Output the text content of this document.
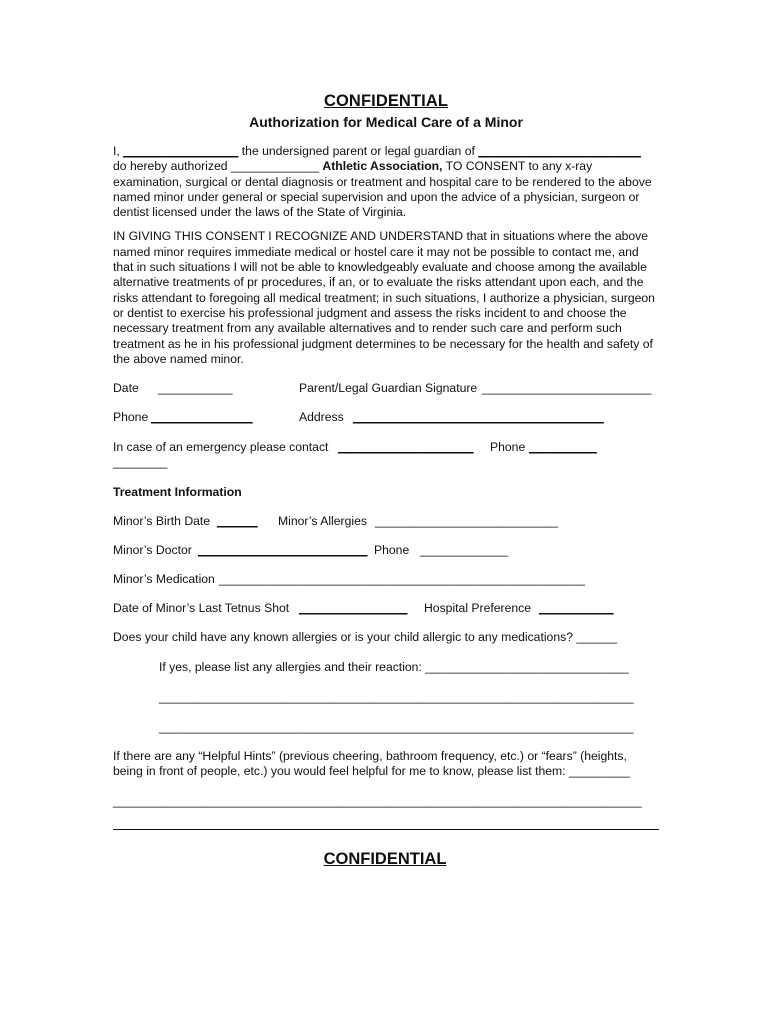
CONFIDENTIAL
Authorization for Medical Care of a Minor

I, _________________ the undersigned parent or legal guardian of ________________________
do hereby authorized _____________ Athletic Association, TO CONSENT to any x-ray examination, surgical or dental diagnosis or treatment and hospital care to be rendered to the above named minor under general or special supervision and upon the advice of a physician, surgeon or dentist licensed under the laws of the State of Virginia.

IN GIVING THIS CONSENT I RECOGNIZE AND UNDERSTAND that in situations where the above named minor requires immediate medical or hostel care it may not be possible to contact me, and that in such situations I will not be able to knowledgeably evaluate and choose among the available alternative treatments of pr procedures, if an, or to evaluate the risks attendant upon each, and the risks attendant to foregoing all medical treatment; in such situations, I authorize a physician, surgeon or dentist to exercise his professional judgment and assess the risks incident to and choose the necessary treatment from any available alternatives and to render such care and perform such treatment as he in his professional judgment determines to be necessary for the health and safety of the above named minor.

Date ___________	Parent/Legal Guardian Signature _________________________
Phone _______________	Address _____________________________________
In case of an emergency please contact ____________________ Phone __________
________

Treatment Information

Minor’s Birth Date ______ Minor’s Allergies ___________________________
Minor’s Doctor _________________________ Phone _____________
Minor’s Medication ______________________________________________________
Date of Minor’s Last Tetnus Shot ________________ Hospital Preference ___________
Does your child have any known allergies or is your child allergic to any medications? ______
If yes, please list any allergies and their reaction: ______________________________
______________________________________________________________________
______________________________________________________________________

If there are any “Helpful Hints” (previous cheering, bathroom frequency, etc.) or “fears” (heights, being in front of people, etc.) you would feel helpful for me to know, please list them: _________

______________________________________________________________________________
CONFIDENTIAL
